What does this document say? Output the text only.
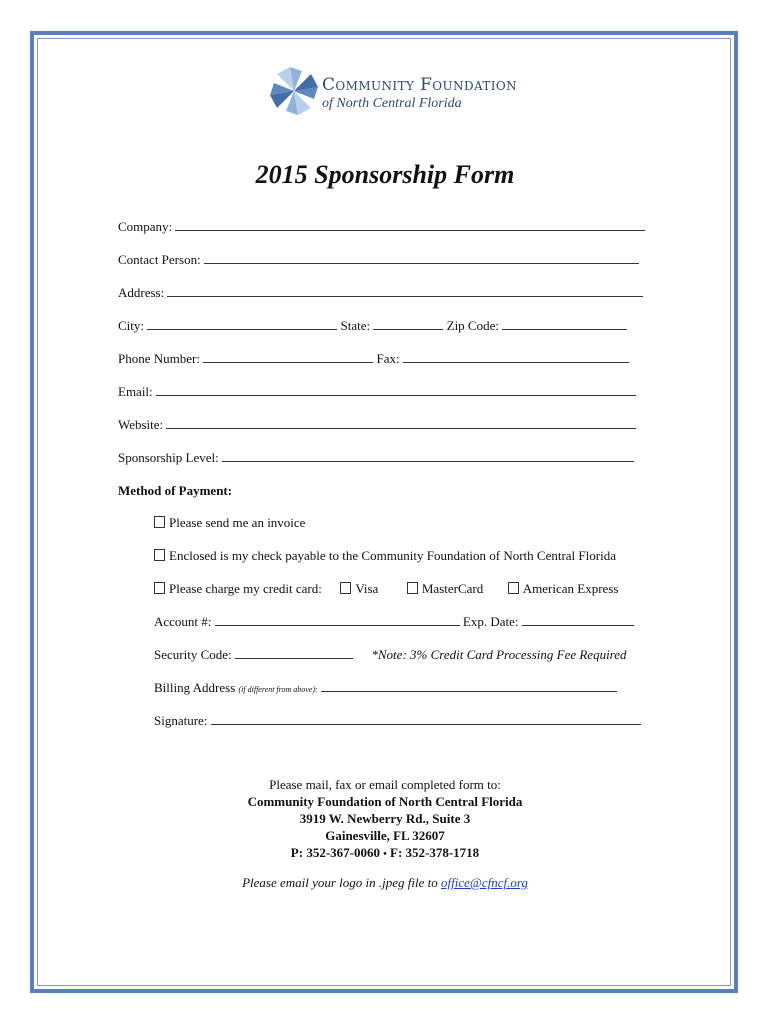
Community Foundation
of North Central Florida
2015 Sponsorship Form
Company:
Contact Person:
Address:
City:	State:	Zip Code:
Phone Number:	Fax:
Email:
Website:
Sponsorship Level:
Method of Payment:
Please send me an invoice
Enclosed is my check payable to the Community Foundation of North Central Florida
Please charge my credit card:	Visa	MasterCard	American Express
Account #:	Exp. Date:
Security Code:	*Note: 3% Credit Card Processing Fee Required
Billing Address (if different from above):
Signature:
Please mail, fax or email completed form to:
Community Foundation of North Central Florida
3919 W. Newberry Rd., Suite 3
Gainesville, FL 32607
P: 352-367-0060 • F: 352-378-1718
Please email your logo in .jpeg file to office@cfncf.org
